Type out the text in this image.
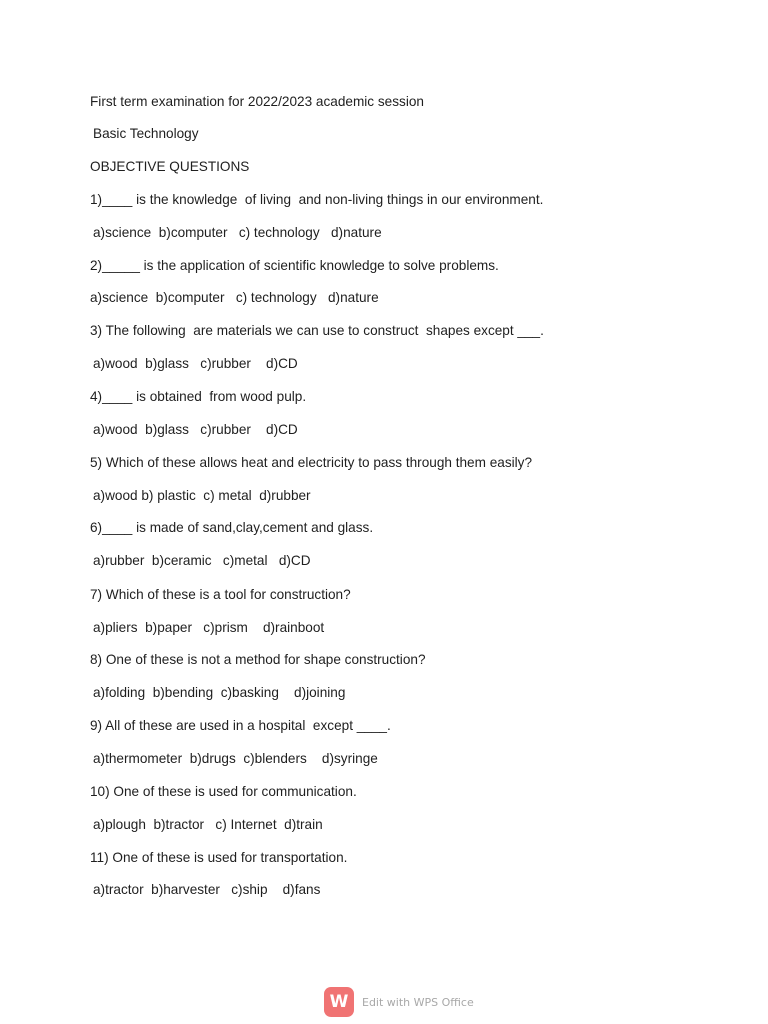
First term examination for 2022/2023 academic session
Basic Technology
OBJECTIVE QUESTIONS
1)____ is the knowledge  of living  and non-living things in our environment.
a)science  b)computer   c) technology   d)nature
2)_____ is the application of scientific knowledge to solve problems.
a)science  b)computer   c) technology   d)nature
3) The following  are materials we can use to construct  shapes except ___.
a)wood  b)glass   c)rubber    d)CD
4)____ is obtained  from wood pulp.
a)wood  b)glass   c)rubber    d)CD
5) Which of these allows heat and electricity to pass through them easily?
a)wood b) plastic  c) metal  d)rubber
6)____ is made of sand,clay,cement and glass.
a)rubber  b)ceramic   c)metal   d)CD
7) Which of these is a tool for construction?
a)pliers  b)paper   c)prism    d)rainboot
8) One of these is not a method for shape construction?
a)folding  b)bending  c)basking    d)joining
9) All of these are used in a hospital  except ____.
a)thermometer  b)drugs  c)blenders    d)syringe
10) One of these is used for communication.
a)plough  b)tractor   c) Internet  d)train
11) One of these is used for transportation.
a)tractor  b)harvester   c)ship    d)fans
W	Edit with WPS Office
